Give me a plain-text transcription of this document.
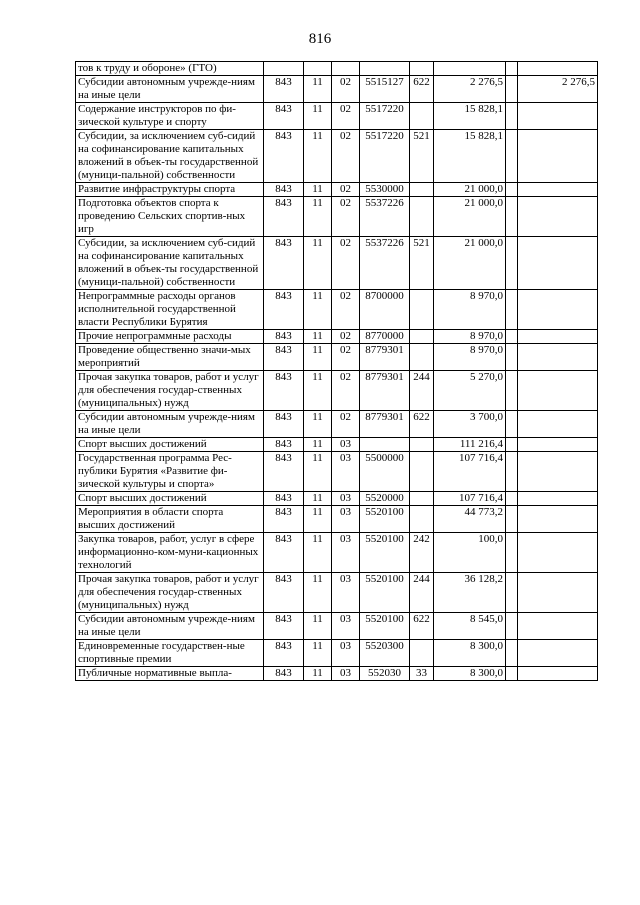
816
тов к труду и обороне» (ГТО)								
Субсидии автономным учрежде-ниям на иные цели	843	11	02	5515127	622	2 276,5		2 276,5
Содержание инструкторов по фи-зической культуре и спорту	843	11	02	5517220		15 828,1		
Субсидии, за исключением суб-сидий на софинансирование капитальных вложений в объек-ты государственной (муници-пальной) собственности	843	11	02	5517220	521	15 828,1		
Развитие инфраструктуры спорта	843	11	02	5530000		21 000,0		
Подготовка объектов спорта к проведению Сельских спортив-ных игр	843	11	02	5537226		21 000,0		
Субсидии, за исключением суб-сидий на софинансирование капитальных вложений в объек-ты государственной (муници-пальной) собственности	843	11	02	5537226	521	21 000,0		
Непрограммные расходы органов исполнительной государственной власти Республики Бурятия	843	11	02	8700000		8 970,0		
Прочие непрограммные расходы	843	11	02	8770000		8 970,0		
Проведение общественно значи-мых мероприятий	843	11	02	8779301		8 970,0		
Прочая закупка товаров, работ и услуг для обеспечения государ-ственных (муниципальных) нужд	843	11	02	8779301	244	5 270,0		
Субсидии автономным учрежде-ниям на иные цели	843	11	02	8779301	622	3 700,0		
Спорт высших достижений	843	11	03			111 216,4		
Государственная программа Рес-публики Бурятия «Развитие фи-зической культуры и спорта»	843	11	03	5500000		107 716,4		
Спорт высших достижений	843	11	03	5520000		107 716,4		
Мероприятия в области спорта высших достижений	843	11	03	5520100		44 773,2		
Закупка товаров, работ, услуг в сфере информационно-ком-муни-кационных технологий	843	11	03	5520100	242	100,0		
Прочая закупка товаров, работ и услуг для обеспечения государ-ственных (муниципальных) нужд	843	11	03	5520100	244	36 128,2		
Субсидии автономным учрежде-ниям на иные цели	843	11	03	5520100	622	8 545,0		
Единовременные государствен-ные спортивные премии	843	11	03	5520300		8 300,0		
Публичные нормативные выпла-	843	11	03	552030	33	8 300,0		
